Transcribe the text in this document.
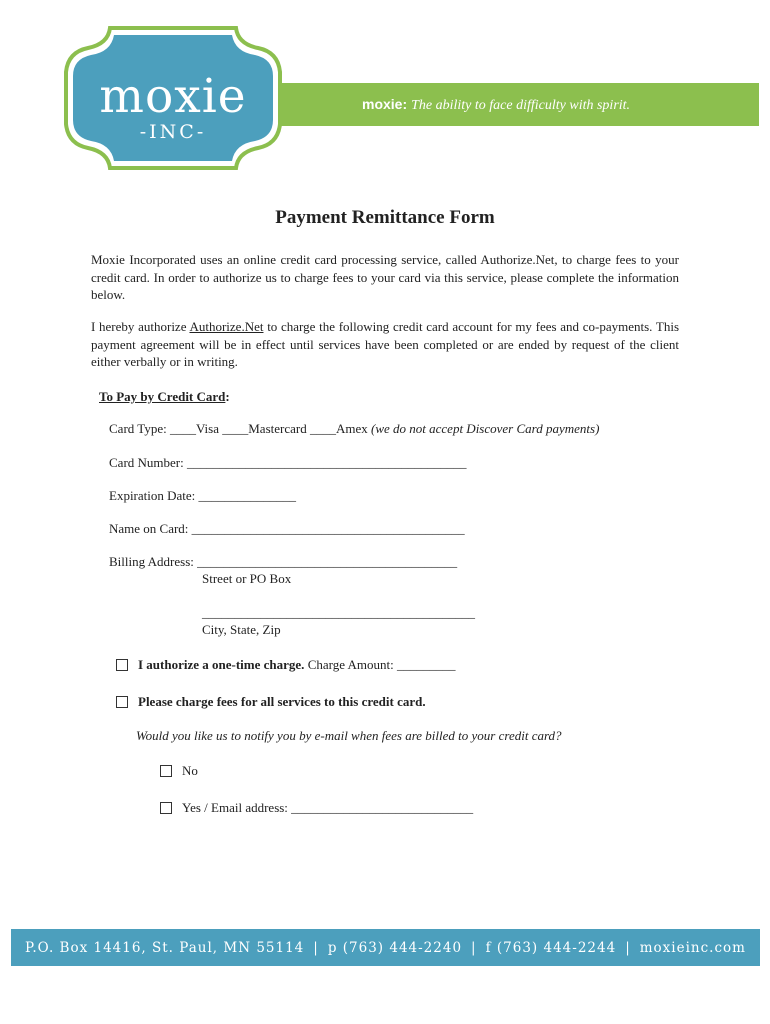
moxie: The ability to face difficulty with spirit.
moxie
-INC-
Payment Remittance Form
Moxie Incorporated uses an online credit card processing service, called Authorize.Net, to charge fees to your credit card. In order to authorize us to charge fees to your card via this service, please complete the information below.
I hereby authorize Authorize.Net to charge the following credit card account for my fees and co-payments. This payment agreement will be in effect until services have been completed or are ended by request of the client either verbally or in writing.
To Pay by Credit Card:
Card Type: ____Visa ____Mastercard ____Amex (we do not accept Discover Card payments)
Card Number: ___________________________________________
Expiration Date: _______________
Name on Card: __________________________________________
Billing Address: ________________________________________
Street or PO Box
__________________________________________
City, State, Zip
I authorize a one-time charge. Charge Amount: _________
Please charge fees for all services to this credit card.
Would you like us to notify you by e-mail when fees are billed to your credit card?
No
Yes / Email address: ____________________________
P.O. Box 14416, St. Paul, MN 55114 | p (763) 444-2240 | f (763) 444-2244 | moxieinc.com
